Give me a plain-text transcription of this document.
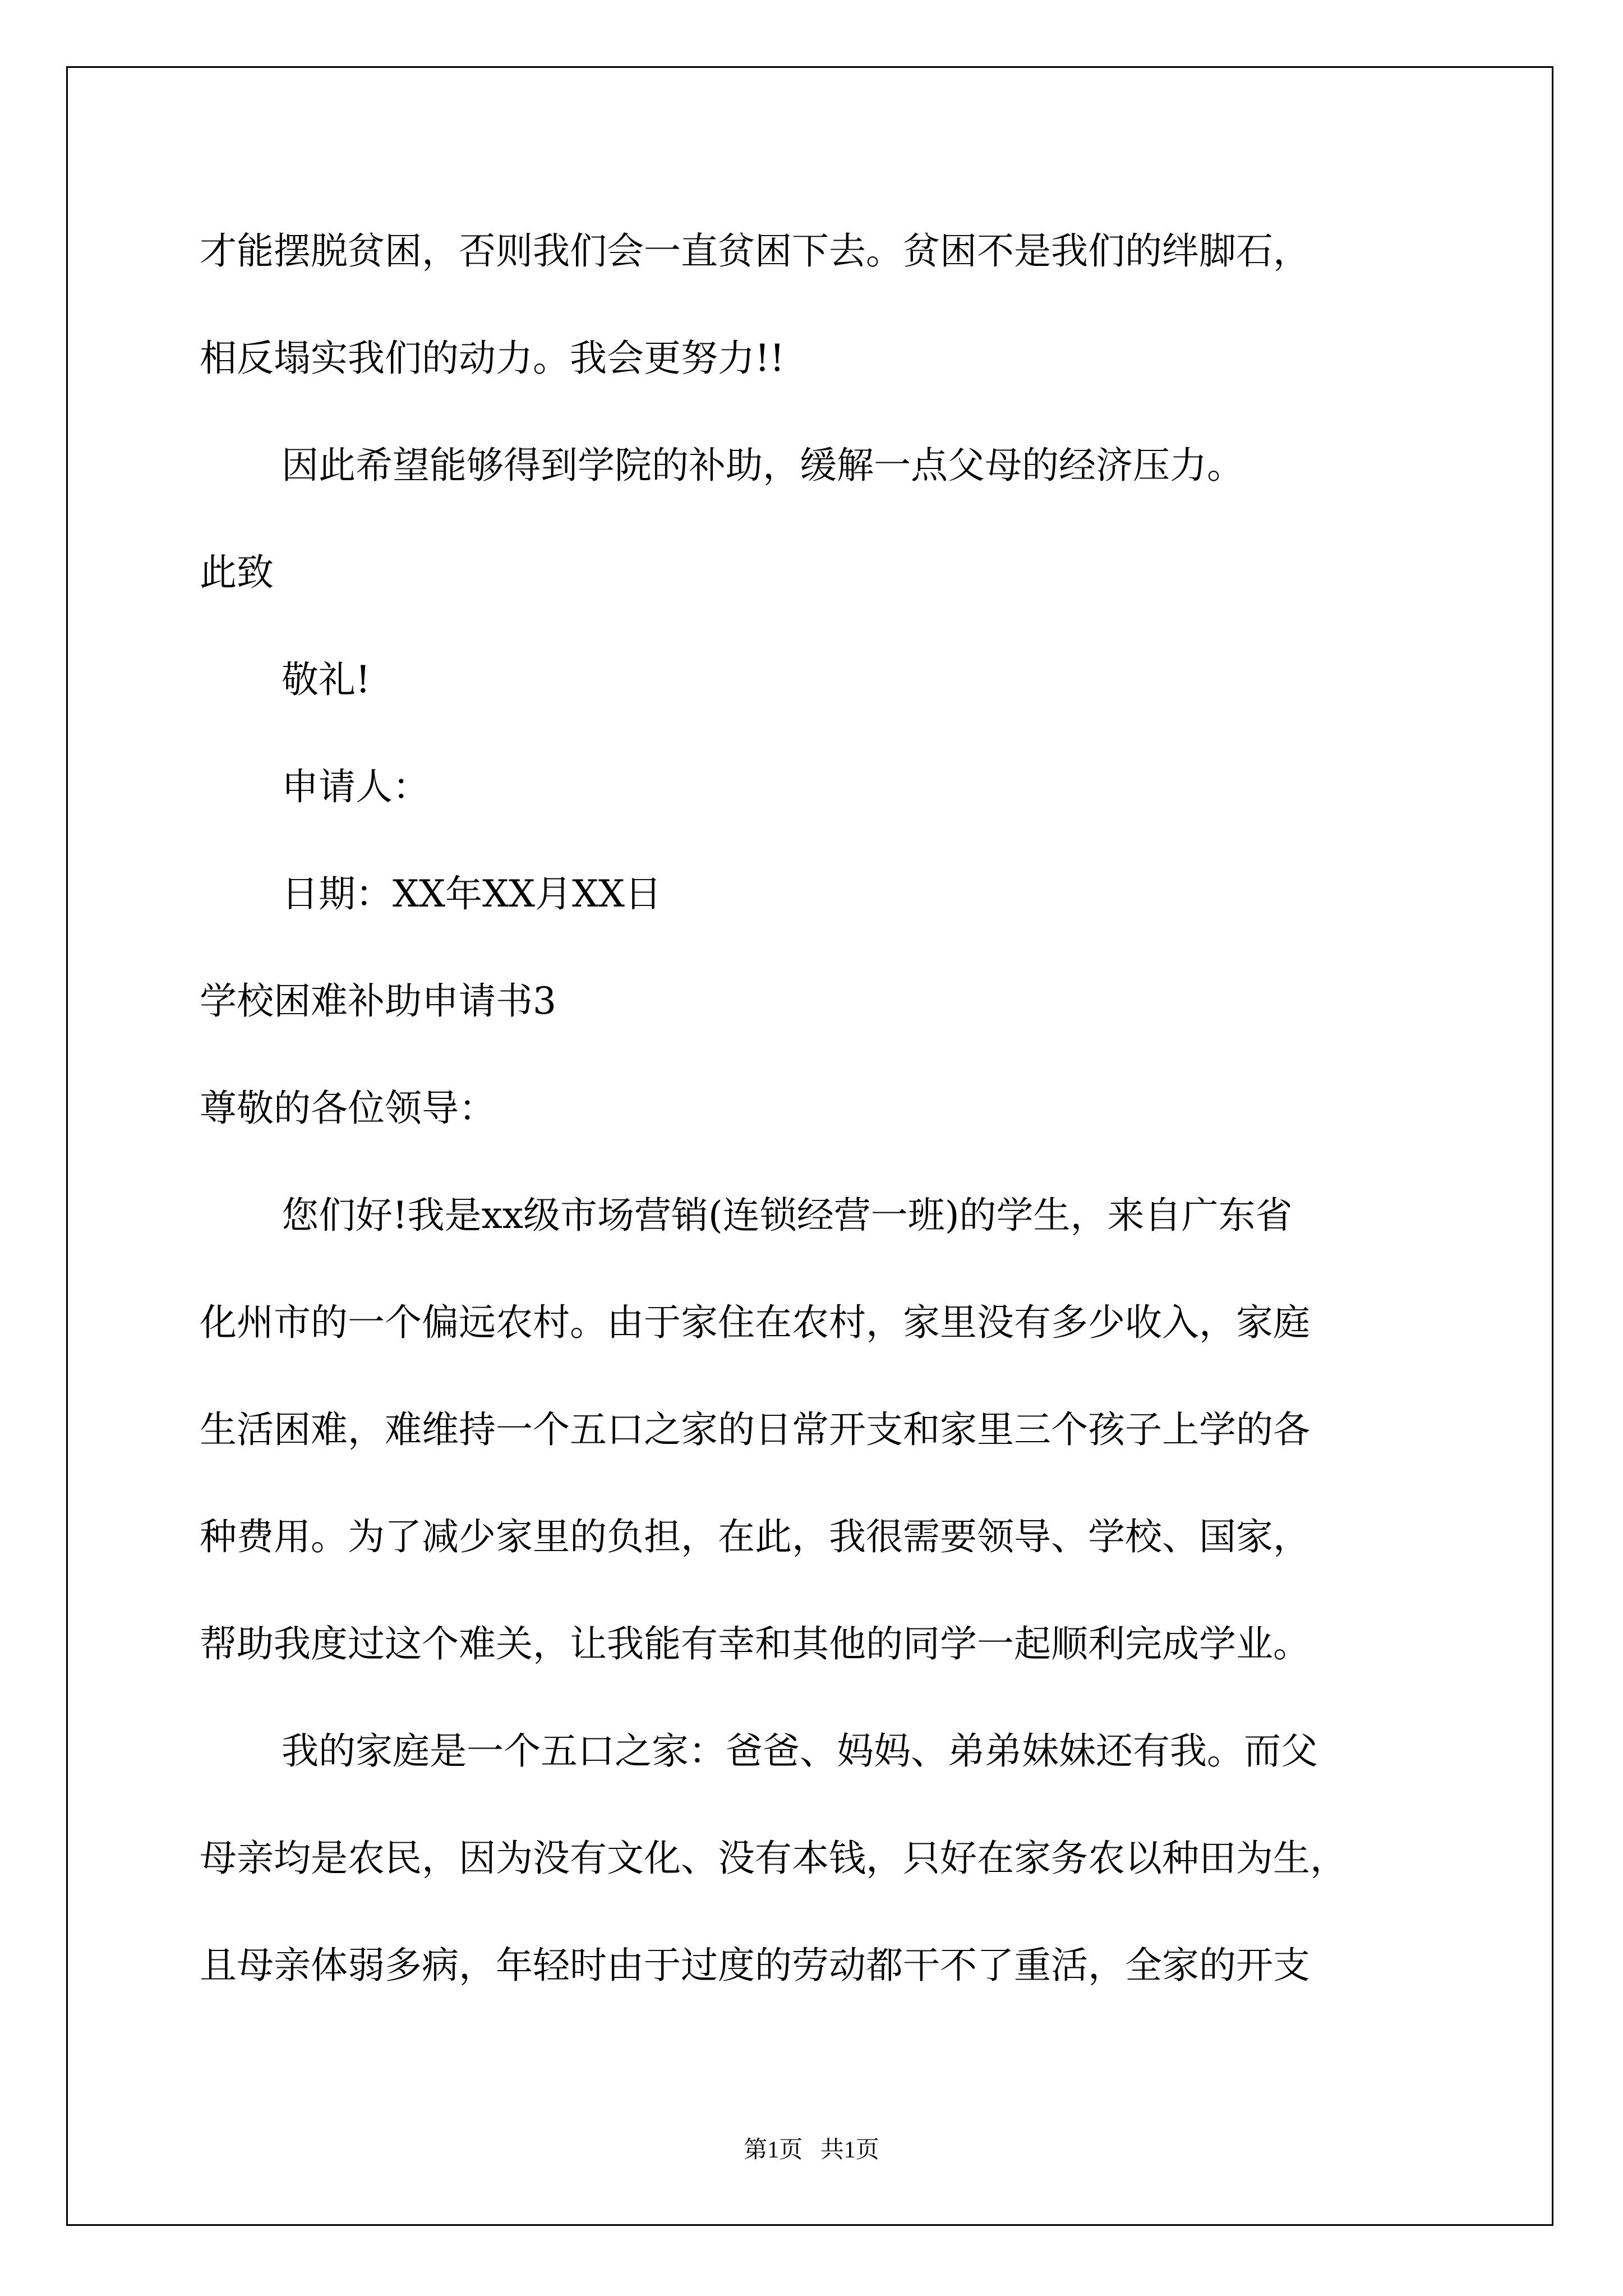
才能摆脱贫困，否则我们会一直贫困下去。贫困不是我们的绊脚石，

相反塌实我们的动力。我会更努力!!

因此希望能够得到学院的补助，缓解一点父母的经济压力。

此致

敬礼!

申请人：

日期：XX年XX月XX日

学校困难补助申请书3

尊敬的各位领导：

您们好!我是xx级市场营销(连锁经营一班)的学生，来自广东省

化州市的一个偏远农村。由于家住在农村，家里没有多少收入，家庭

生活困难，难维持一个五口之家的日常开支和家里三个孩子上学的各

种费用。为了减少家里的负担，在此，我很需要领导、学校、国家，

帮助我度过这个难关，让我能有幸和其他的同学一起顺利完成学业。

我的家庭是一个五口之家：爸爸、妈妈、弟弟妹妹还有我。而父

母亲均是农民，因为没有文化、没有本钱，只好在家务农以种田为生，

且母亲体弱多病，年轻时由于过度的劳动都干不了重活，全家的开支

第1页   共1页
